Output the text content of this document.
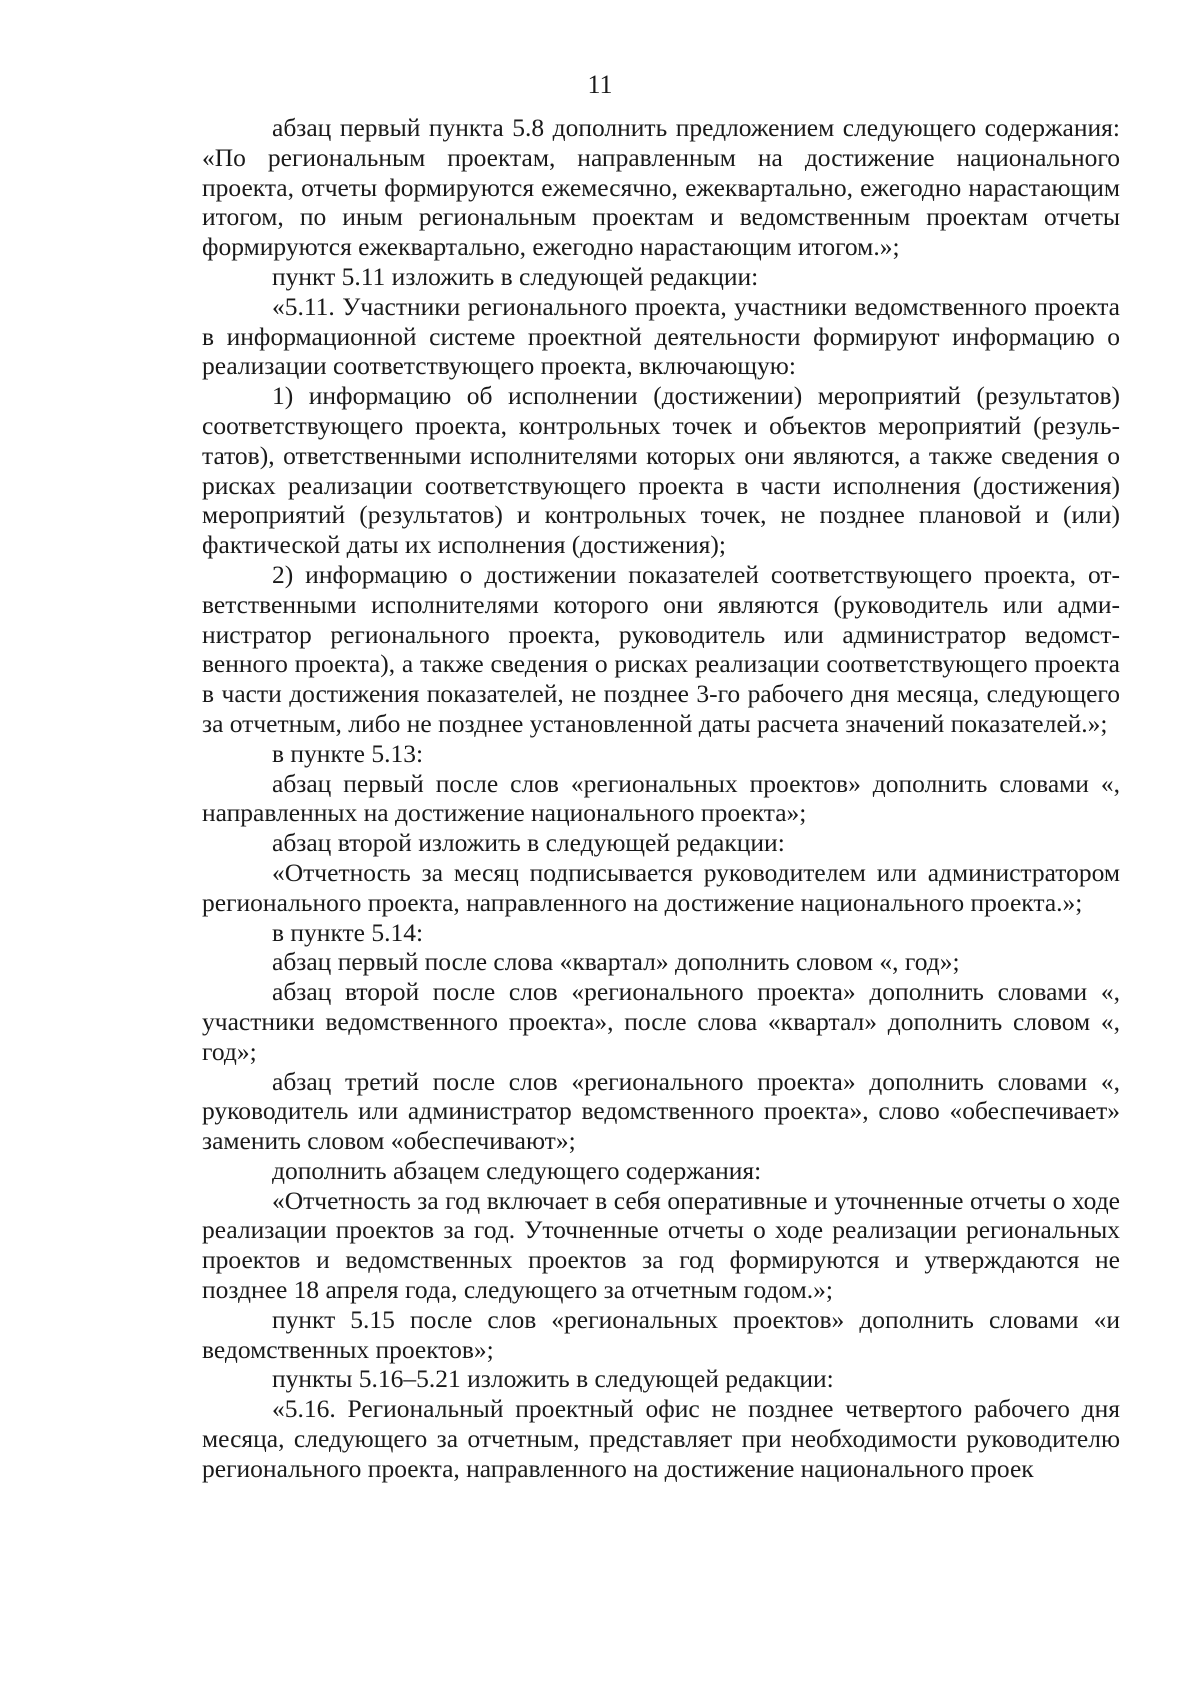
11

абзац первый пункта 5.8 дополнить предложением следующего содержания: «По региональным проектам, направленным на достижение национального проекта, отчеты формируются ежемесячно, ежеквартально, ежегодно нарастающим итогом, по иным региональным проектам и ведомственным проектам отчеты формируются ежеквартально, ежегодно нарастающим итогом.»;

пункт 5.11 изложить в следующей редакции:

«5.11. Участники регионального проекта, участники ведомственного проекта в информационной системе проектной деятельности формируют информацию о реализации соответствующего проекта, включающую:

1) информацию об исполнении (достижении) мероприятий (результатов) соответствующего проекта, контрольных точек и объектов мероприятий (результатов), ответственными исполнителями которых они являются, а также сведения о рисках реализации соответствующего проекта в части исполнения (достижения) мероприятий (результатов) и контрольных точек, не позднее плановой и (или) фактической даты их исполнения (достижения);

2) информацию о достижении показателей соответствующего проекта, ответственными исполнителями которого они являются (руководитель или администратор регионального проекта, руководитель или администратор ведомственного проекта), а также сведения о рисках реализации соответствующего проекта в части достижения показателей, не позднее 3-го рабочего дня месяца, следующего за отчетным, либо не позднее установленной даты расчета значений показателей.»;

в пункте 5.13:

абзац первый после слов «региональных проектов» дополнить словами «, направленных на достижение национального проекта»;

абзац второй изложить в следующей редакции:

«Отчетность за месяц подписывается руководителем или администратором регионального проекта, направленного на достижение национального проекта.»;

в пункте 5.14:

абзац первый после слова «квартал» дополнить словом «, год»;

абзац второй после слов «регионального проекта» дополнить словами «, участники ведомственного проекта», после слова «квартал» дополнить словом «, год»;

абзац третий после слов «регионального проекта» дополнить словами «, руководитель или администратор ведомственного проекта», слово «обеспечивает» заменить словом «обеспечивают»;

дополнить абзацем следующего содержания:

«Отчетность за год включает в себя оперативные и уточненные отчеты о ходе реализации проектов за год. Уточненные отчеты о ходе реализации региональных проектов и ведомственных проектов за год формируются и утверждаются не позднее 18 апреля года, следующего за отчетным годом.»;

пункт 5.15 после слов «региональных проектов» дополнить словами «и ведомственных проектов»;

пункты 5.16–5.21 изложить в следующей редакции:

«5.16. Региональный проектный офис не позднее четвертого рабочего дня месяца, следующего за отчетным, представляет при необходимости руководителю регионального проекта, направленного на достижение национального проек
